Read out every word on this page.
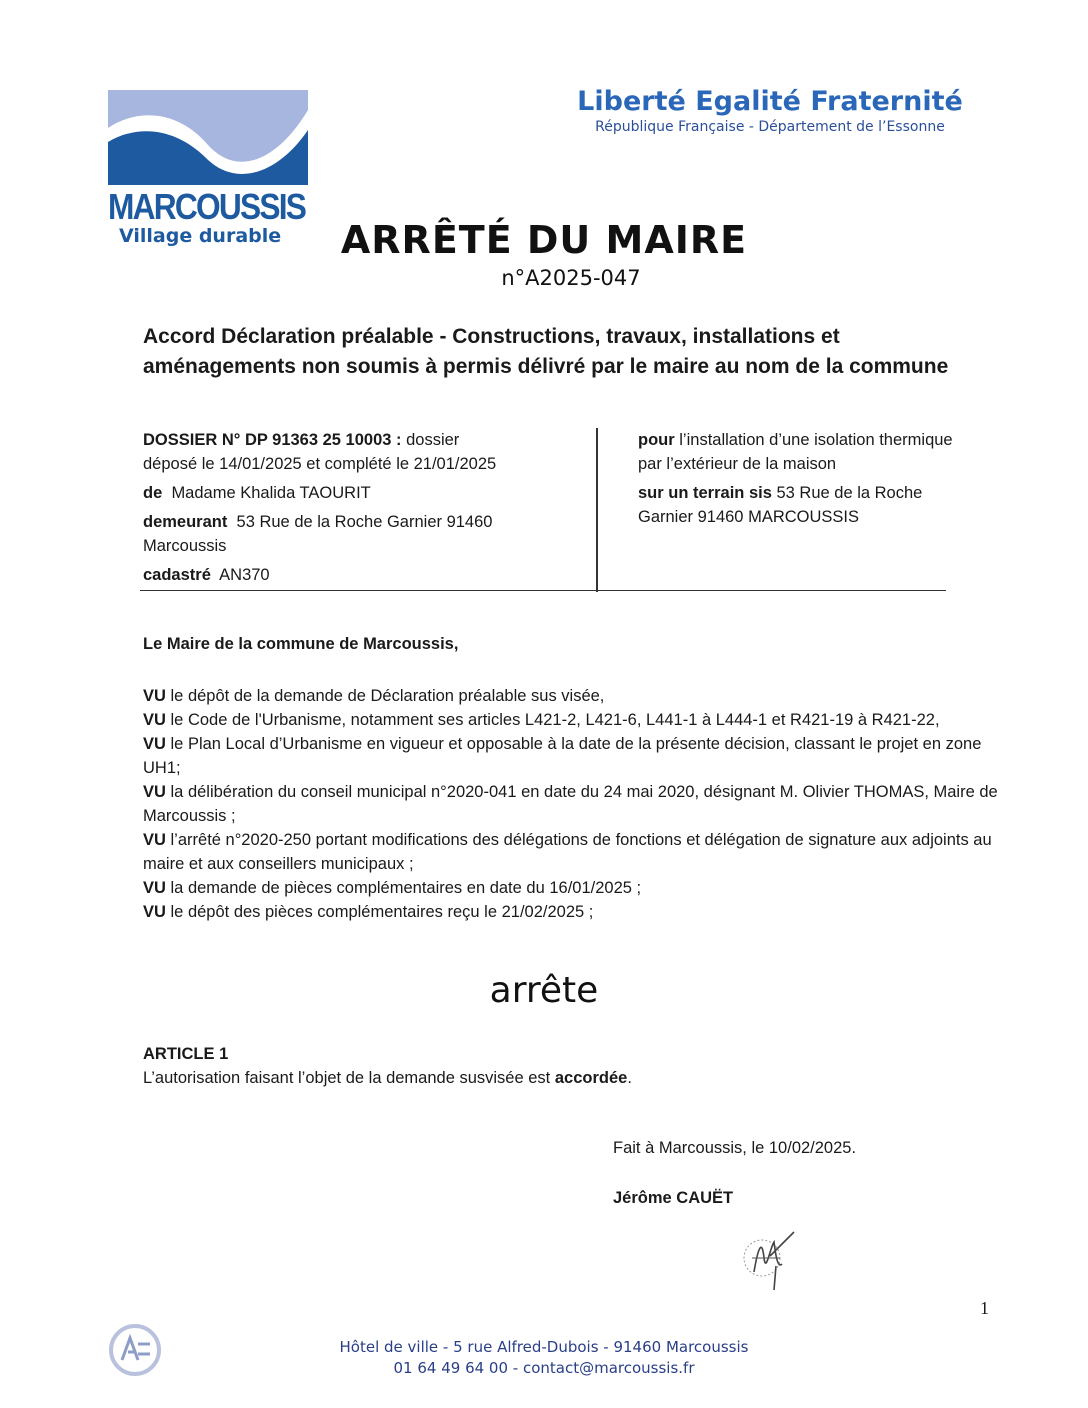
MARCOUSSIS
Village durable
Liberté Egalité Fraternité
République Française - Département de l’Essonne
ARRÊTÉ DU MAIRE
n°A2025-047
Accord Déclaration préalable - Constructions, travaux, installations et aménagements non soumis à permis délivré par le maire au nom de la commune
DOSSIER N° DP 91363 25 10003 : dossier
déposé le 14/01/2025 et complété le 21/01/2025
de Madame Khalida TAOURIT
demeurant 53 Rue de la Roche Garnier 91460
Marcoussis
cadastré AN370
pour l’installation d’une isolation thermique par l’extérieur de la maison
sur un terrain sis 53 Rue de la Roche Garnier 91460 MARCOUSSIS
Le Maire de la commune de Marcoussis,
VU le dépôt de la demande de Déclaration préalable sus visée,
VU le Code de l'Urbanisme, notamment ses articles L421-2, L421-6, L441-1 à L444-1 et R421-19 à R421-22,
VU le Plan Local d’Urbanisme en vigueur et opposable à la date de la présente décision, classant le projet en zone UH1;
VU la délibération du conseil municipal n°2020-041 en date du 24 mai 2020, désignant M. Olivier THOMAS, Maire de Marcoussis ;
VU l’arrêté n°2020-250 portant modifications des délégations de fonctions et délégation de signature aux adjoints au maire et aux conseillers municipaux ;
VU la demande de pièces complémentaires en date du 16/01/2025 ;
VU le dépôt des pièces complémentaires reçu le 21/02/2025 ;
arrête
ARTICLE 1
L’autorisation faisant l’objet de la demande susvisée est accordée.
Fait à Marcoussis, le 10/02/2025.
Jérôme CAUËT
1
Hôtel de ville - 5 rue Alfred-Dubois - 91460 Marcoussis
01 64 49 64 00 - contact@marcoussis.fr
